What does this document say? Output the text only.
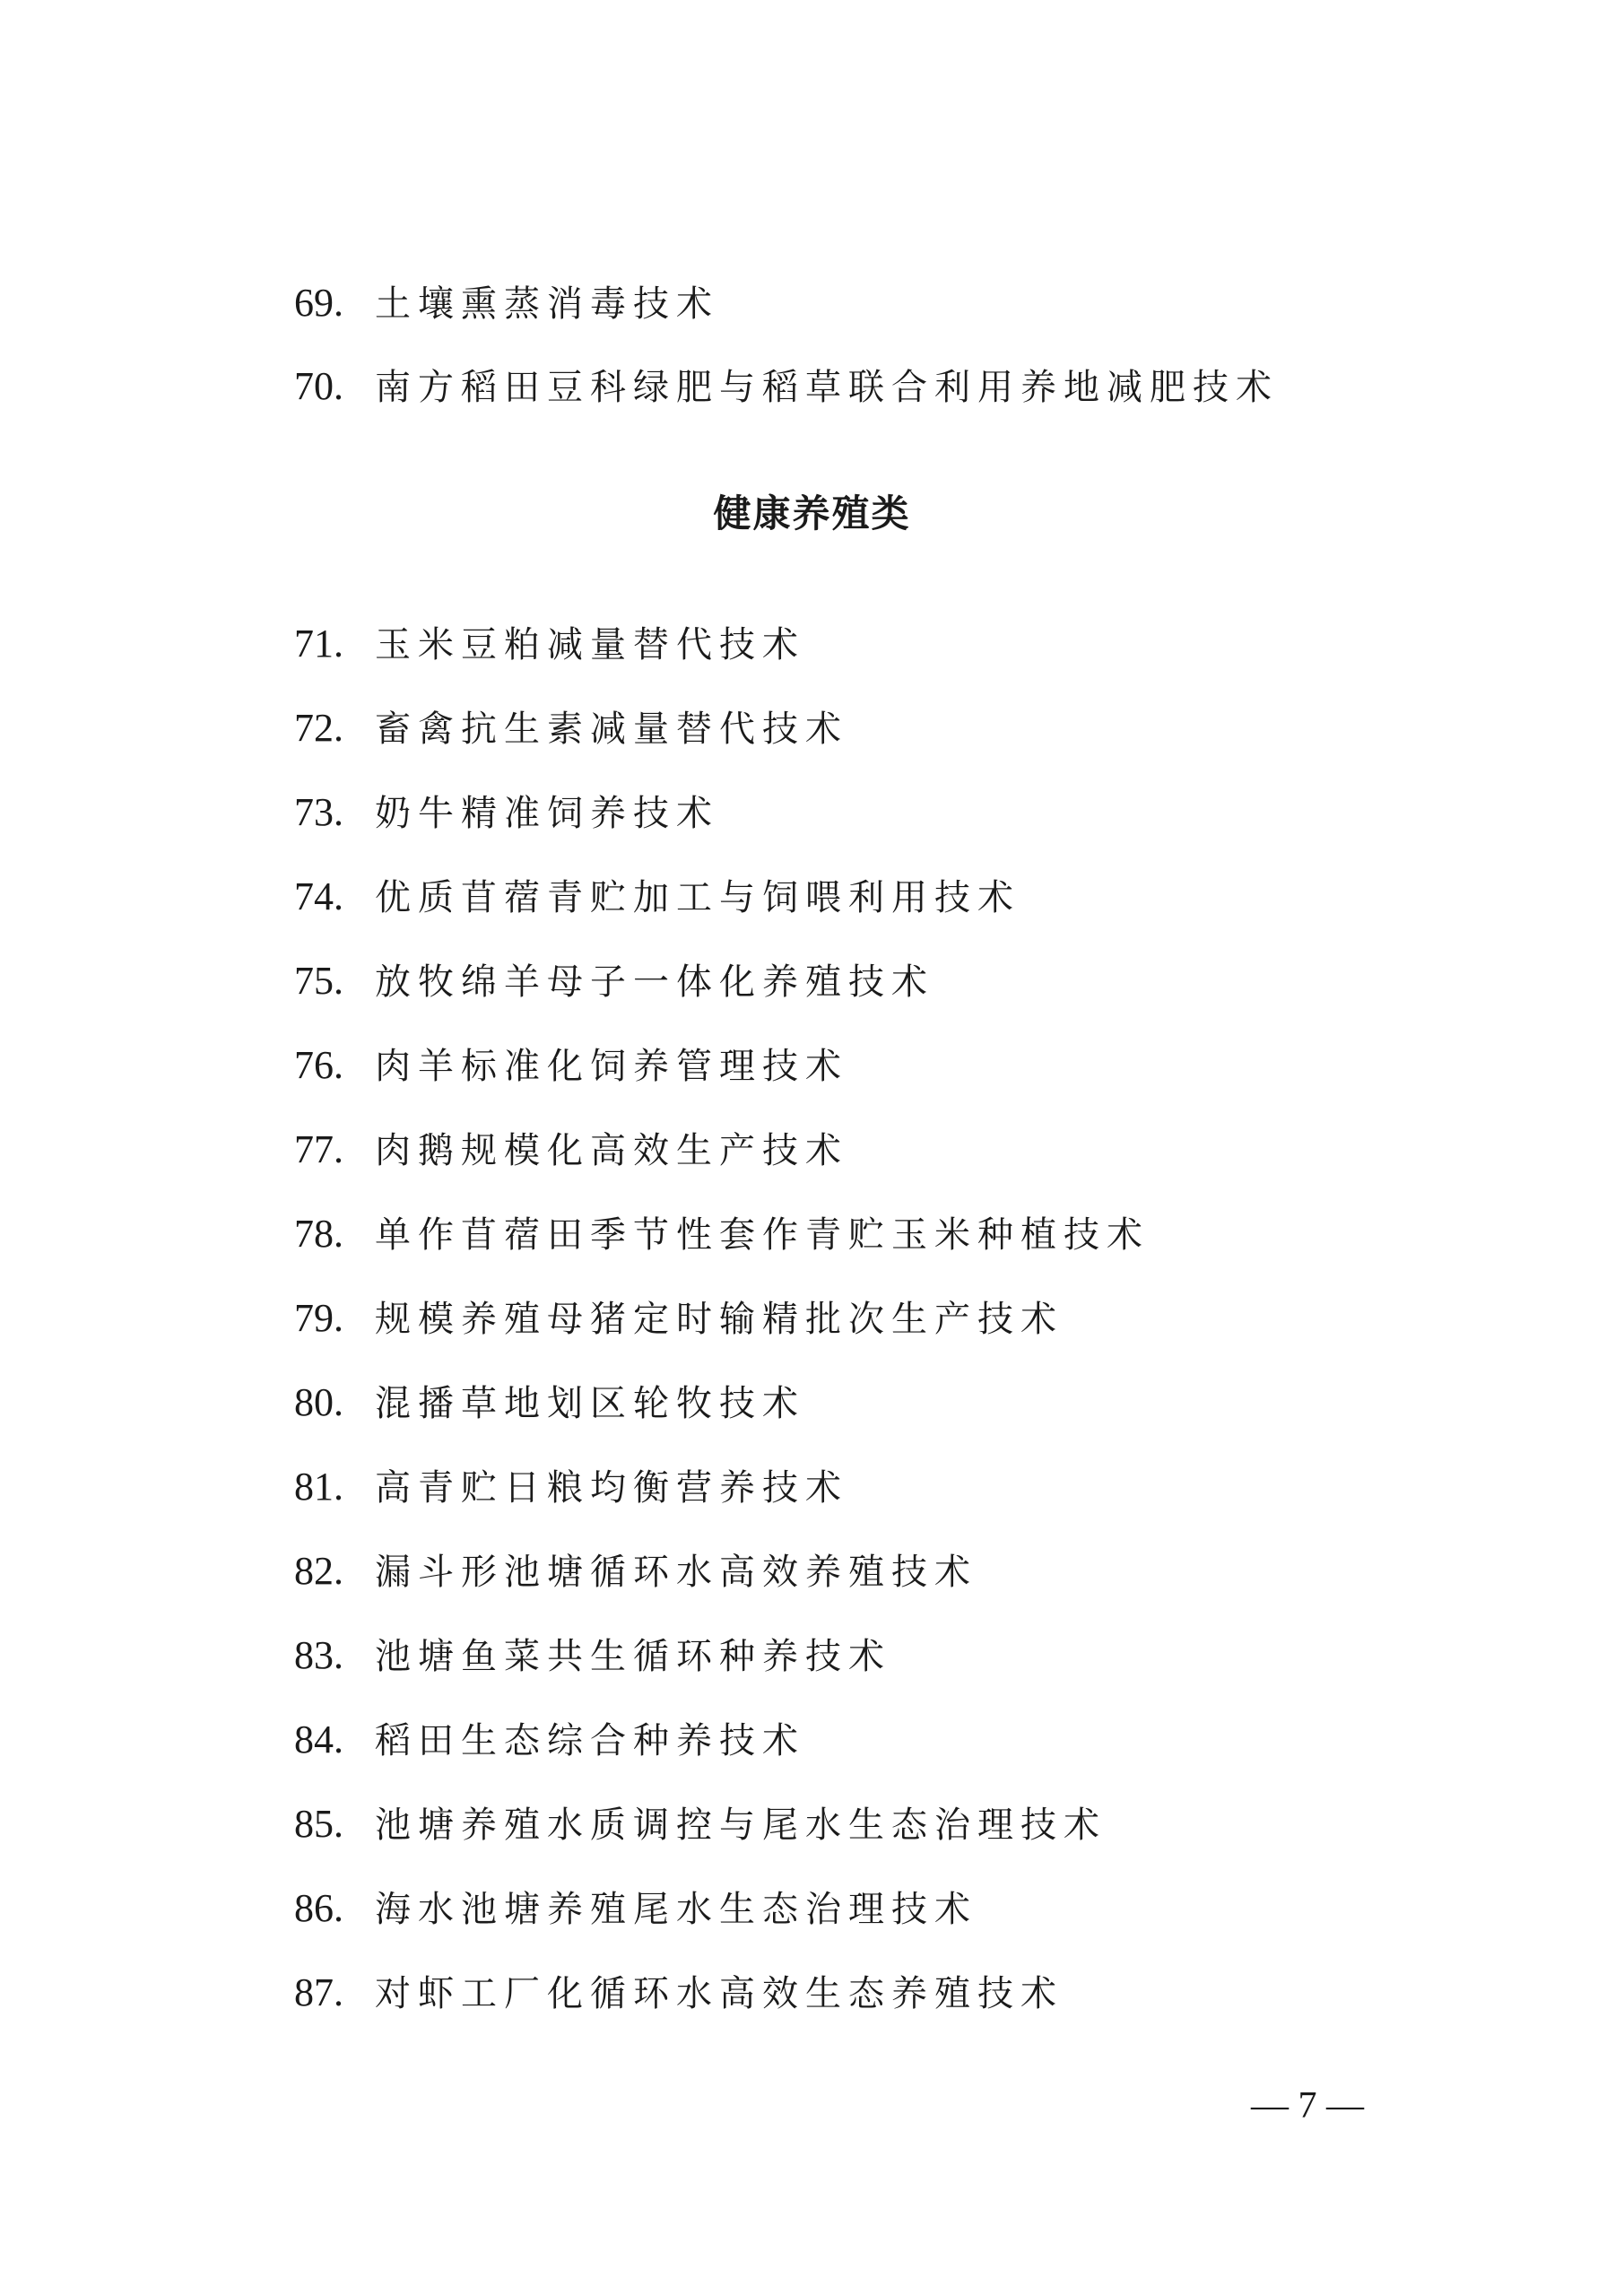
69. 土壤熏蒸消毒技术
70. 南方稻田豆科绿肥与稻草联合利用养地减肥技术
健康养殖类
71. 玉米豆粕减量替代技术
72. 畜禽抗生素减量替代技术
73. 奶牛精准饲养技术
74. 优质苜蓿青贮加工与饲喂利用技术
75. 放牧绵羊母子一体化养殖技术
76. 肉羊标准化饲养管理技术
77. 肉鹅规模化高效生产技术
78. 单作苜蓿田季节性套作青贮玉米种植技术
79. 规模养殖母猪定时输精批次生产技术
80. 混播草地划区轮牧技术
81. 高青贮日粮均衡营养技术
82. 漏斗形池塘循环水高效养殖技术
83. 池塘鱼菜共生循环种养技术
84. 稻田生态综合种养技术
85. 池塘养殖水质调控与尾水生态治理技术
86. 海水池塘养殖尾水生态治理技术
87. 对虾工厂化循环水高效生态养殖技术
— 7 —
